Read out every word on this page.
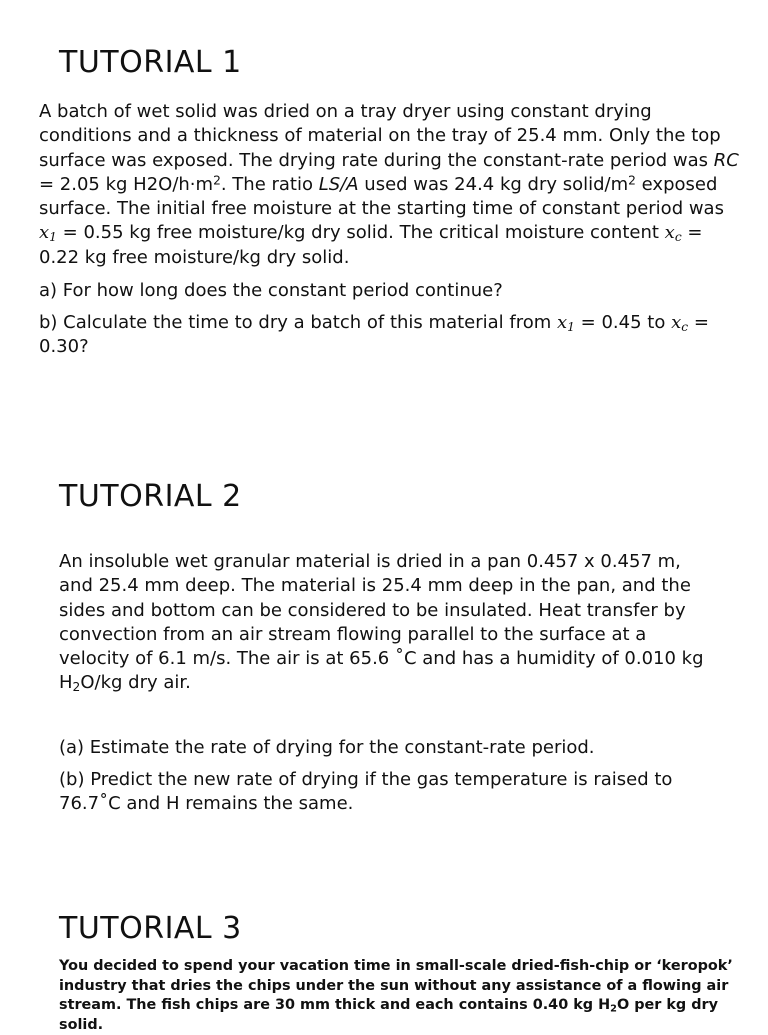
TUTORIAL 1

A batch of wet solid was dried on a tray dryer using constant drying conditions and a thickness of material on the tray of 25.4 mm. Only the top surface was exposed. The drying rate during the constant-rate period was RC = 2.05 kg $H2O/h\cdot m^2$. The ratio LS/A used was 24.4 kg dry solid/$m^2$ exposed surface. The initial free moisture at the starting time of constant period was $x_1 = 0.55$ kg free moisture/kg dry solid. The critical moisture content $x_c = 0.22$ kg free moisture/kg dry solid.

a) For how long does the constant period continue?

b) Calculate the time to dry a batch of this material from $x_1 = 0.45$ to $x_c = 0.30$?

TUTORIAL 2

An insoluble wet granular material is dried in a pan 0.457 x 0.457 m, and 25.4 mm deep. The material is 25.4 mm deep in the pan, and the sides and bottom can be considered to be insulated. Heat transfer by convection from an air stream flowing parallel to the surface at a velocity of 6.1 m/s. The air is at 65.6 ˚C and has a humidity of 0.010 kg $H_2O/kg$ dry air.

(a) Estimate the rate of drying for the constant-rate period.

(b) Predict the new rate of drying if the gas temperature is raised to 76.7˚C and H remains the same.

TUTORIAL 3

You decided to spend your vacation time in small-scale dried-fish-chip or ‘keropok’ industry that dries the chips under the sun without any assistance of a flowing air stream. The fish chips are 30 mm thick and each contains 0.40 kg $H_2O$ per kg dry solid.
